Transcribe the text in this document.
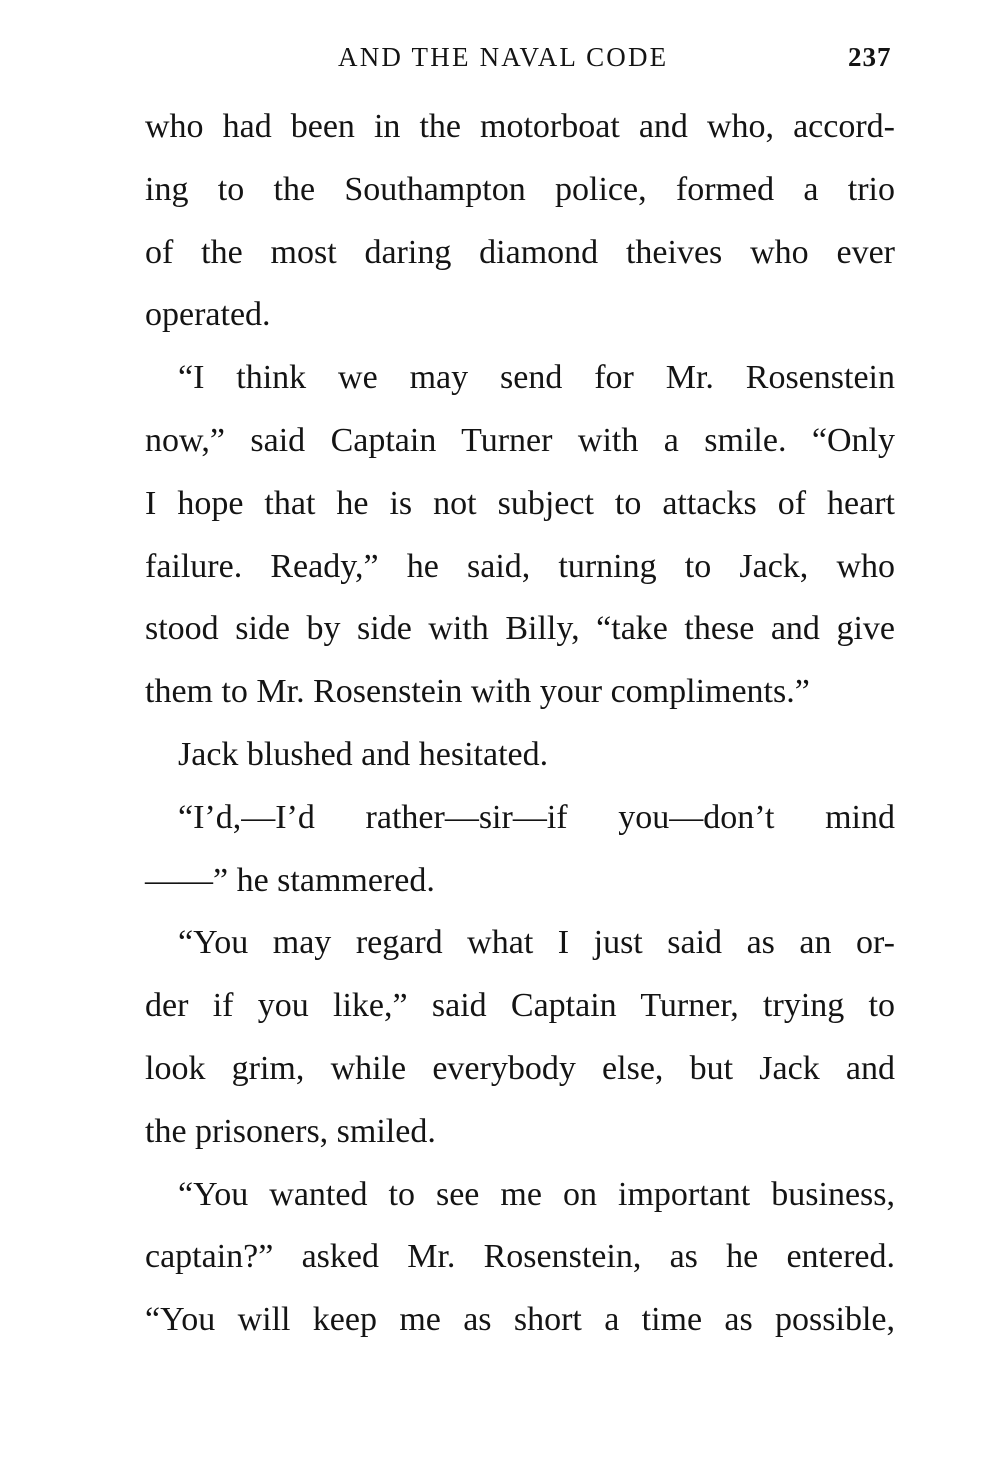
AND THE NAVAL CODE	237
who had been in the motorboat and who, accord-
ing to the Southampton police, formed a trio
of the most daring diamond theives who ever
operated.
“I think we may send for Mr. Rosenstein
now,” said Captain Turner with a smile. “Only
I hope that he is not subject to attacks of heart
failure. Ready,” he said, turning to Jack, who
stood side by side with Billy, “take these and give
them to Mr. Rosenstein with your compliments.”
Jack blushed and hesitated.
“I’d,—I’d rather—sir—if you—don’t mind
——” he stammered.
“You may regard what I just said as an or-
der if you like,” said Captain Turner, trying to
look grim, while everybody else, but Jack and
the prisoners, smiled.
“You wanted to see me on important business,
captain?” asked Mr. Rosenstein, as he entered.
“You will keep me as short a time as possible,
